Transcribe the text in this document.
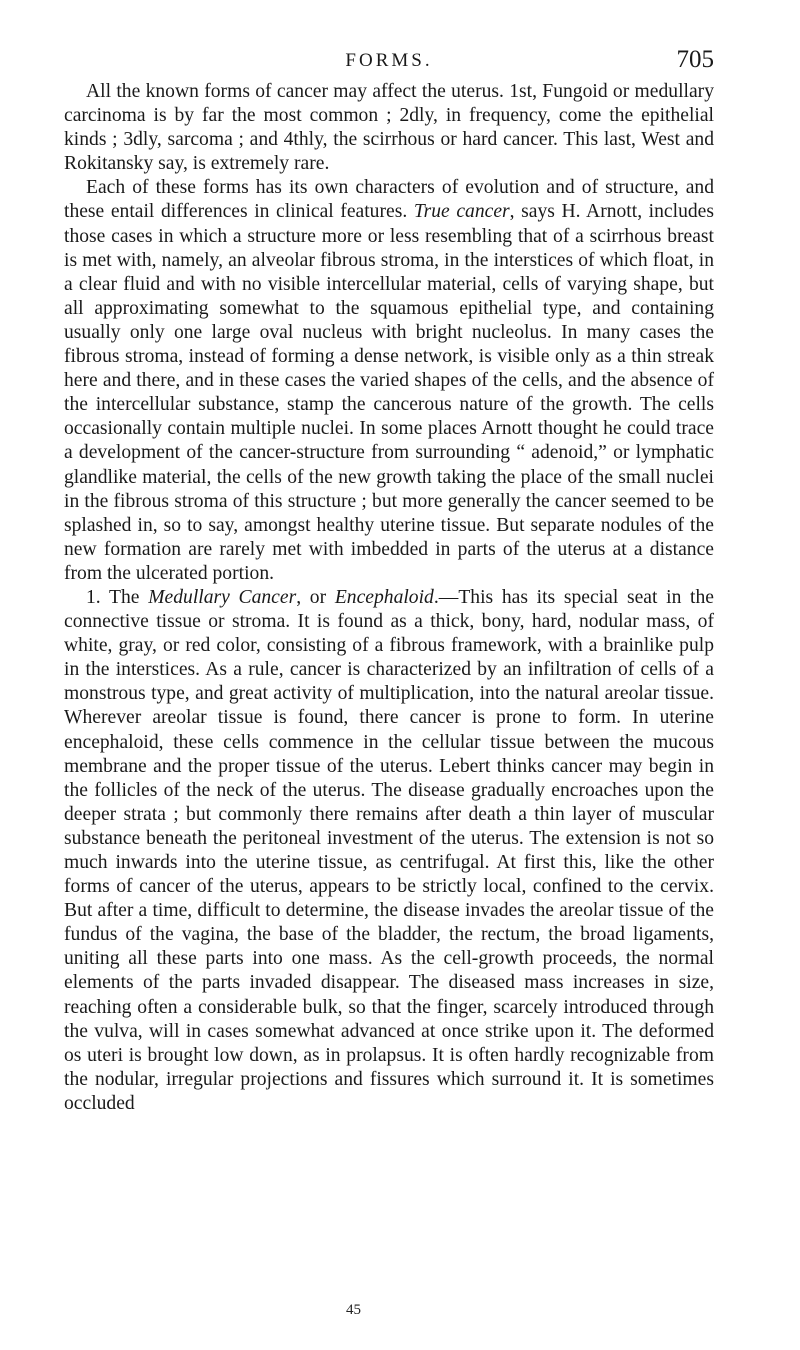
FORMS.	705

All the known forms of cancer may affect the uterus. 1st, Fungoid or medullary carcinoma is by far the most common ; 2dly, in frequency, come the epithelial kinds ; 3dly, sarcoma ; and 4thly, the scirrhous or hard cancer. This last, West and Rokitansky say, is extremely rare.

Each of these forms has its own characters of evolution and of structure, and these entail differences in clinical features. True cancer, says H. Arnott, includes those cases in which a structure more or less resembling that of a scirrhous breast is met with, namely, an alveolar fibrous stroma, in the interstices of which float, in a clear fluid and with no visible intercellular material, cells of varying shape, but all approximating somewhat to the squamous epithelial type, and containing usually only one large oval nucleus with bright nucleolus. In many cases the fibrous stroma, instead of forming a dense network, is visible only as a thin streak here and there, and in these cases the varied shapes of the cells, and the absence of the intercellular substance, stamp the cancerous nature of the growth. The cells occasionally contain multiple nuclei. In some places Arnott thought he could trace a development of the cancer-structure from surrounding “ adenoid,” or lymphatic glandlike material, the cells of the new growth taking the place of the small nuclei in the fibrous stroma of this structure ; but more generally the cancer seemed to be splashed in, so to say, amongst healthy uterine tissue. But separate nodules of the new formation are rarely met with imbedded in parts of the uterus at a distance from the ulcerated portion.

1. The Medullary Cancer, or Encephaloid.—This has its special seat in the connective tissue or stroma. It is found as a thick, bony, hard, nodular mass, of white, gray, or red color, consisting of a fibrous framework, with a brainlike pulp in the interstices. As a rule, cancer is characterized by an infiltration of cells of a monstrous type, and great activity of multiplication, into the natural areolar tissue. Wherever areolar tissue is found, there cancer is prone to form. In uterine encephaloid, these cells commence in the cellular tissue between the mucous membrane and the proper tissue of the uterus. Lebert thinks cancer may begin in the follicles of the neck of the uterus. The disease gradually encroaches upon the deeper strata ; but commonly there remains after death a thin layer of muscular substance beneath the peritoneal investment of the uterus. The extension is not so much inwards into the uterine tissue, as centrifugal. At first this, like the other forms of cancer of the uterus, appears to be strictly local, confined to the cervix. But after a time, difficult to determine, the disease invades the areolar tissue of the fundus of the vagina, the base of the bladder, the rectum, the broad ligaments, uniting all these parts into one mass. As the cell-growth proceeds, the normal elements of the parts invaded disappear. The diseased mass increases in size, reaching often a considerable bulk, so that the finger, scarcely introduced through the vulva, will in cases somewhat advanced at once strike upon it. The deformed os uteri is brought low down, as in prolapsus. It is often hardly recognizable from the nodular, irregular projections and fissures which surround it. It is sometimes occluded

45
